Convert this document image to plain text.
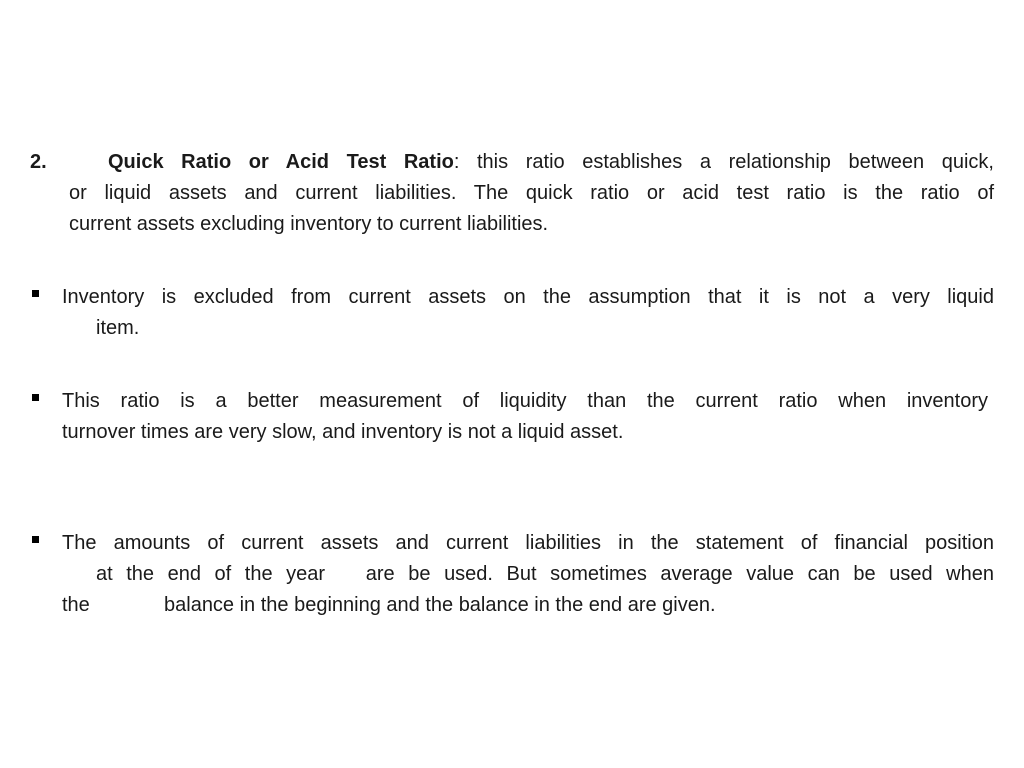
2.	Quick Ratio or Acid Test Ratio: this ratio establishes a relationship between quick,
or liquid assets and current liabilities. The quick ratio or acid test ratio is the ratio of
current assets excluding inventory to current liabilities.
Inventory is excluded from current assets on the assumption that it is not a very liquid
item.
This ratio is a better measurement of liquidity than the current ratio when inventory
turnover times are very slow, and inventory is not a liquid asset.
The amounts of current assets and current liabilities in the statement of financial position
at the end of the year   are be used. But sometimes average value can be used when
the	balance in the beginning and the balance in the end are given.
